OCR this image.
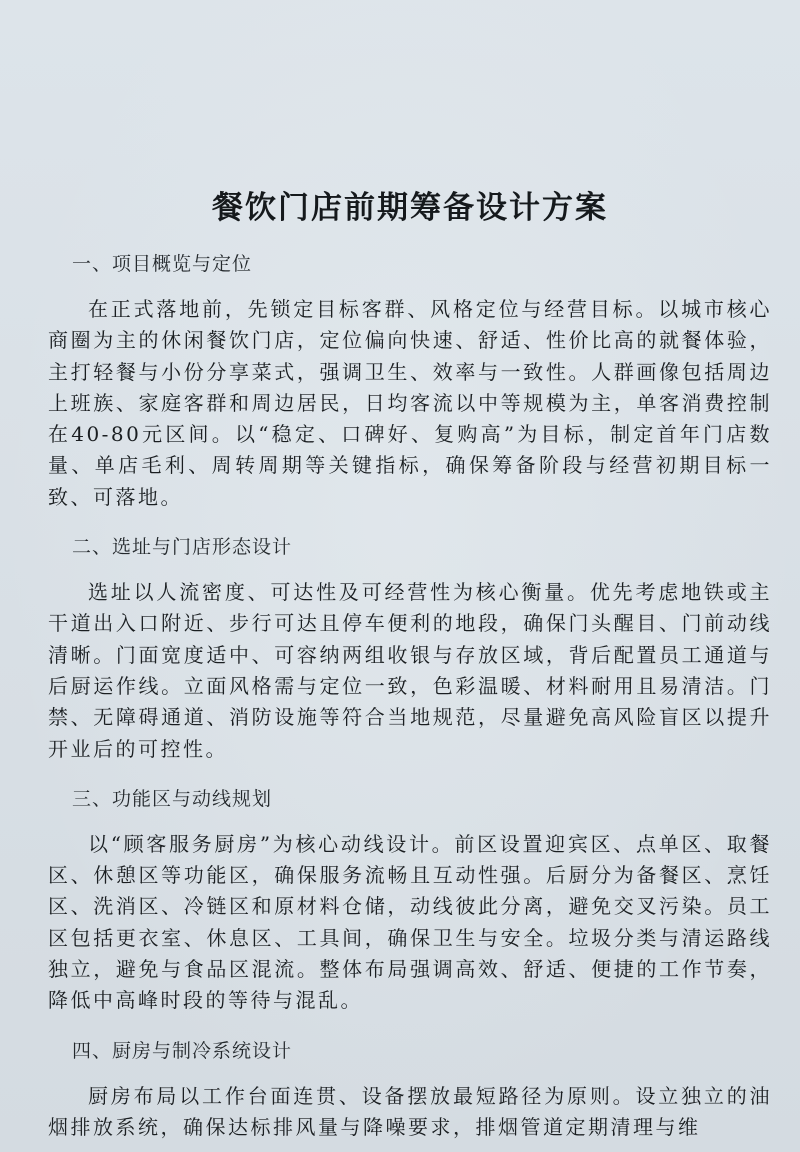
餐饮门店前期筹备设计方案
一、项目概览与定位

在正式落地前，先锁定目标客群、风格定位与经营目标。以城市核心商圈为主的休闲餐饮门店，定位偏向快速、舒适、性价比高的就餐体验，主打轻餐与小份分享菜式，强调卫生、效率与一致性。人群画像包括周边上班族、家庭客群和周边居民，日均客流以中等规模为主，单客消费控制在40-80元区间。以“稳定、口碑好、复购高”为目标，制定首年门店数量、单店毛利、周转周期等关键指标，确保筹备阶段与经营初期目标一致、可落地。

二、选址与门店形态设计

选址以人流密度、可达性及可经营性为核心衡量。优先考虑地铁或主干道出入口附近、步行可达且停车便利的地段，确保门头醒目、门前动线清晰。门面宽度适中、可容纳两组收银与存放区域，背后配置员工通道与后厨运作线。立面风格需与定位一致，色彩温暖、材料耐用且易清洁。门禁、无障碍通道、消防设施等符合当地规范，尽量避免高风险盲区以提升开业后的可控性。

三、功能区与动线规划

以“顾客服务厨房”为核心动线设计。前区设置迎宾区、点单区、取餐区、休憩区等功能区，确保服务流畅且互动性强。后厨分为备餐区、烹饪区、洗消区、冷链区和原材料仓储，动线彼此分离，避免交叉污染。员工区包括更衣室、休息区、工具间，确保卫生与安全。垃圾分类与清运路线独立，避免与食品区混流。整体布局强调高效、舒适、便捷的工作节奏，降低中高峰时段的等待与混乱。

四、厨房与制冷系统设计

厨房布局以工作台面连贯、设备摆放最短路径为原则。设立独立的油烟排放系统，确保达标排风量与降噪要求，排烟管道定期清理与维
